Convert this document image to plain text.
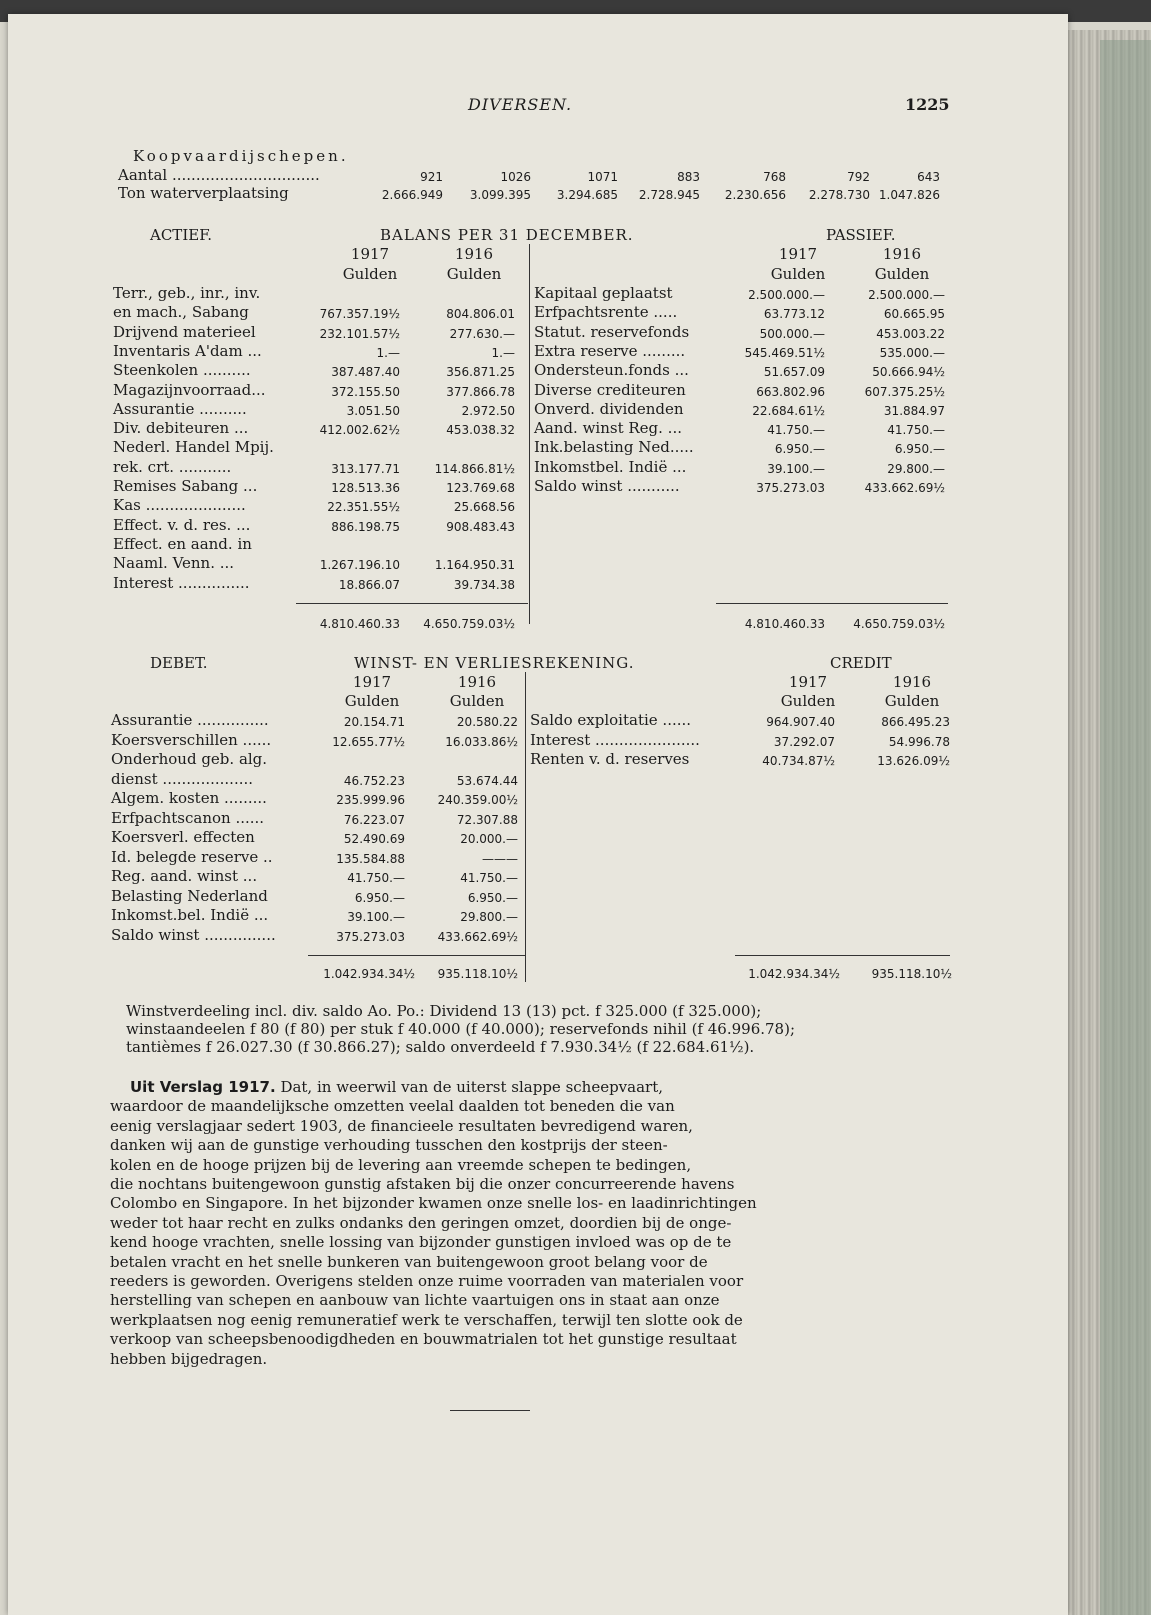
DIVERSEN.	1225
Koopvaardijschepen.
Aantal ...............................	921	1026	1071	883	768	792	643
Ton waterverplaatsing	2.666.949	3.099.395	3.294.685	2.728.945	2.230.656	2.278.730 1.047.826
ACTIEF.	BALANS PER 31 DECEMBER.	PASSIEF.
1917	1916
Gulden	Gulden
1917	1916
Gulden	Gulden
Terr., geb., inr., inv.
en mach., Sabang	767.357.19½	804.806.01
Drijvend materieel	232.101.57½	277.630.—
Inventaris A'dam ...	1.—	1.—
Steenkolen ..........	387.487.40	356.871.25
Magazijnvoorraad...	372.155.50	377.866.78
Assurantie ..........	3.051.50	2.972.50
Div. debiteuren ...	412.002.62½	453.038.32
Nederl. Handel Mpij.
rek. crt. ...........	313.177.71	114.866.81½
Remises Sabang ...	128.513.36	123.769.68
Kas .....................	22.351.55½	25.668.56
Effect. v. d. res. ...	886.198.75	908.483.43
Effect. en aand. in
Naaml. Venn. ...	1.267.196.10	1.164.950.31
Interest ...............	18.866.07	39.734.38
4.810.460.33	4.650.759.03½
Kapitaal geplaatst	2.500.000.—	2.500.000.—
Erfpachtsrente .....	63.773.12	60.665.95
Statut. reservefonds	500.000.—	453.003.22
Extra reserve .........	545.469.51½	535.000.—
Ondersteun.fonds ...	51.657.09	50.666.94½
Diverse crediteuren	663.802.96	607.375.25½
Onverd. dividenden	22.684.61½	31.884.97
Aand. winst Reg. ...	41.750.—	41.750.—
Ink.belasting Ned.....	6.950.—	6.950.—
Inkomstbel. Indië ...	39.100.—	29.800.—
Saldo winst ...........	375.273.03	433.662.69½
4.810.460.33	4.650.759.03½
DEBET.	WINST- EN VERLIESREKENING.	CREDIT
1917	1916
Gulden	Gulden
1917	1916
Gulden	Gulden
Assurantie ...............	20.154.71	20.580.22
Koersverschillen ......	12.655.77½	16.033.86½
Onderhoud geb. alg.
dienst ...................	46.752.23	53.674.44
Algem. kosten .........	235.999.96	240.359.00½
Erfpachtscanon ......	76.223.07	72.307.88
Koersverl. effecten	52.490.69	20.000.—
Id. belegde reserve ..	135.584.88	———
Reg. aand. winst ...	41.750.—	41.750.—
Belasting Nederland	6.950.—	6.950.—
Inkomst.bel. Indië ...	39.100.—	29.800.—
Saldo winst ...............	375.273.03	433.662.69½
1.042.934.34½	935.118.10½
Saldo exploitatie ......	964.907.40	866.495.23
Interest ......................	37.292.07	54.996.78
Renten v. d. reserves	40.734.87½	13.626.09½
1.042.934.34½	935.118.10½
Winstverdeeling incl. div. saldo Ao. Po.: Dividend 13 (13) pct. f 325.000 (f 325.000);
winstaandeelen f 80 (f 80) per stuk f 40.000 (f 40.000); reservefonds nihil (f 46.996.78);
tantièmes f 26.027.30 (f 30.866.27); saldo onverdeeld f 7.930.34½ (f 22.684.61½).
Uit Verslag 1917. Dat, in weerwil van de uiterst slappe scheepvaart,
waardoor de maandelijksche omzetten veelal daalden tot beneden die van
eenig verslagjaar sedert 1903, de financieele resultaten bevredigend waren,
danken wij aan de gunstige verhouding tusschen den kostprijs der steen-
kolen en de hooge prijzen bij de levering aan vreemde schepen te bedingen,
die nochtans buitengewoon gunstig afstaken bij die onzer concurreerende havens
Colombo en Singapore. In het bijzonder kwamen onze snelle los- en laadinrichtingen
weder tot haar recht en zulks ondanks den geringen omzet, doordien bij de onge-
kend hooge vrachten, snelle lossing van bijzonder gunstigen invloed was op de te
betalen vracht en het snelle bunkeren van buitengewoon groot belang voor de
reeders is geworden. Overigens stelden onze ruime voorraden van materialen voor
herstelling van schepen en aanbouw van lichte vaartuigen ons in staat aan onze
werkplaatsen nog eenig remuneratief werk te verschaffen, terwijl ten slotte ook de
verkoop van scheepsbenoodigdheden en bouwmatrialen tot het gunstige resultaat
hebben bijgedragen.
